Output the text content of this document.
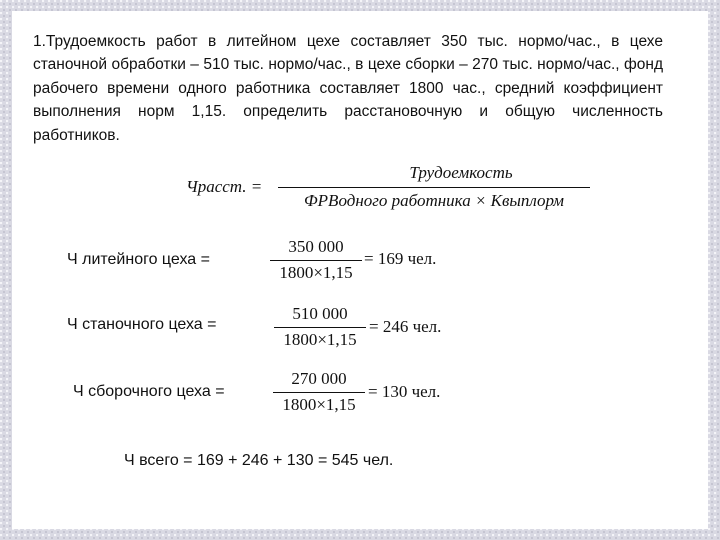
1.Трудоемкость работ в литейном цехе составляет 350 тыс. нормо/час., в цехе станочной обработки – 510 тыс. нормо/час., в цехе сборки – 270 тыс. нормо/час., фонд рабочего времени одного работника составляет 1800 час., средний коэффициент выполнения норм 1,15. определить расстановочную и общую численность работников.

Чрасст. =
Трудоемкость
ФРВодного работника × Квыплорм

Ч литейного цеха =

350 000
1800×1,15
= 169 чел.

Ч станочного цеха =

510 000
1800×1,15
= 246 чел.

Ч сборочного цеха =

270 000
1800×1,15
= 130 чел.

Ч всего = 169 + 246 + 130 = 545 чел.
